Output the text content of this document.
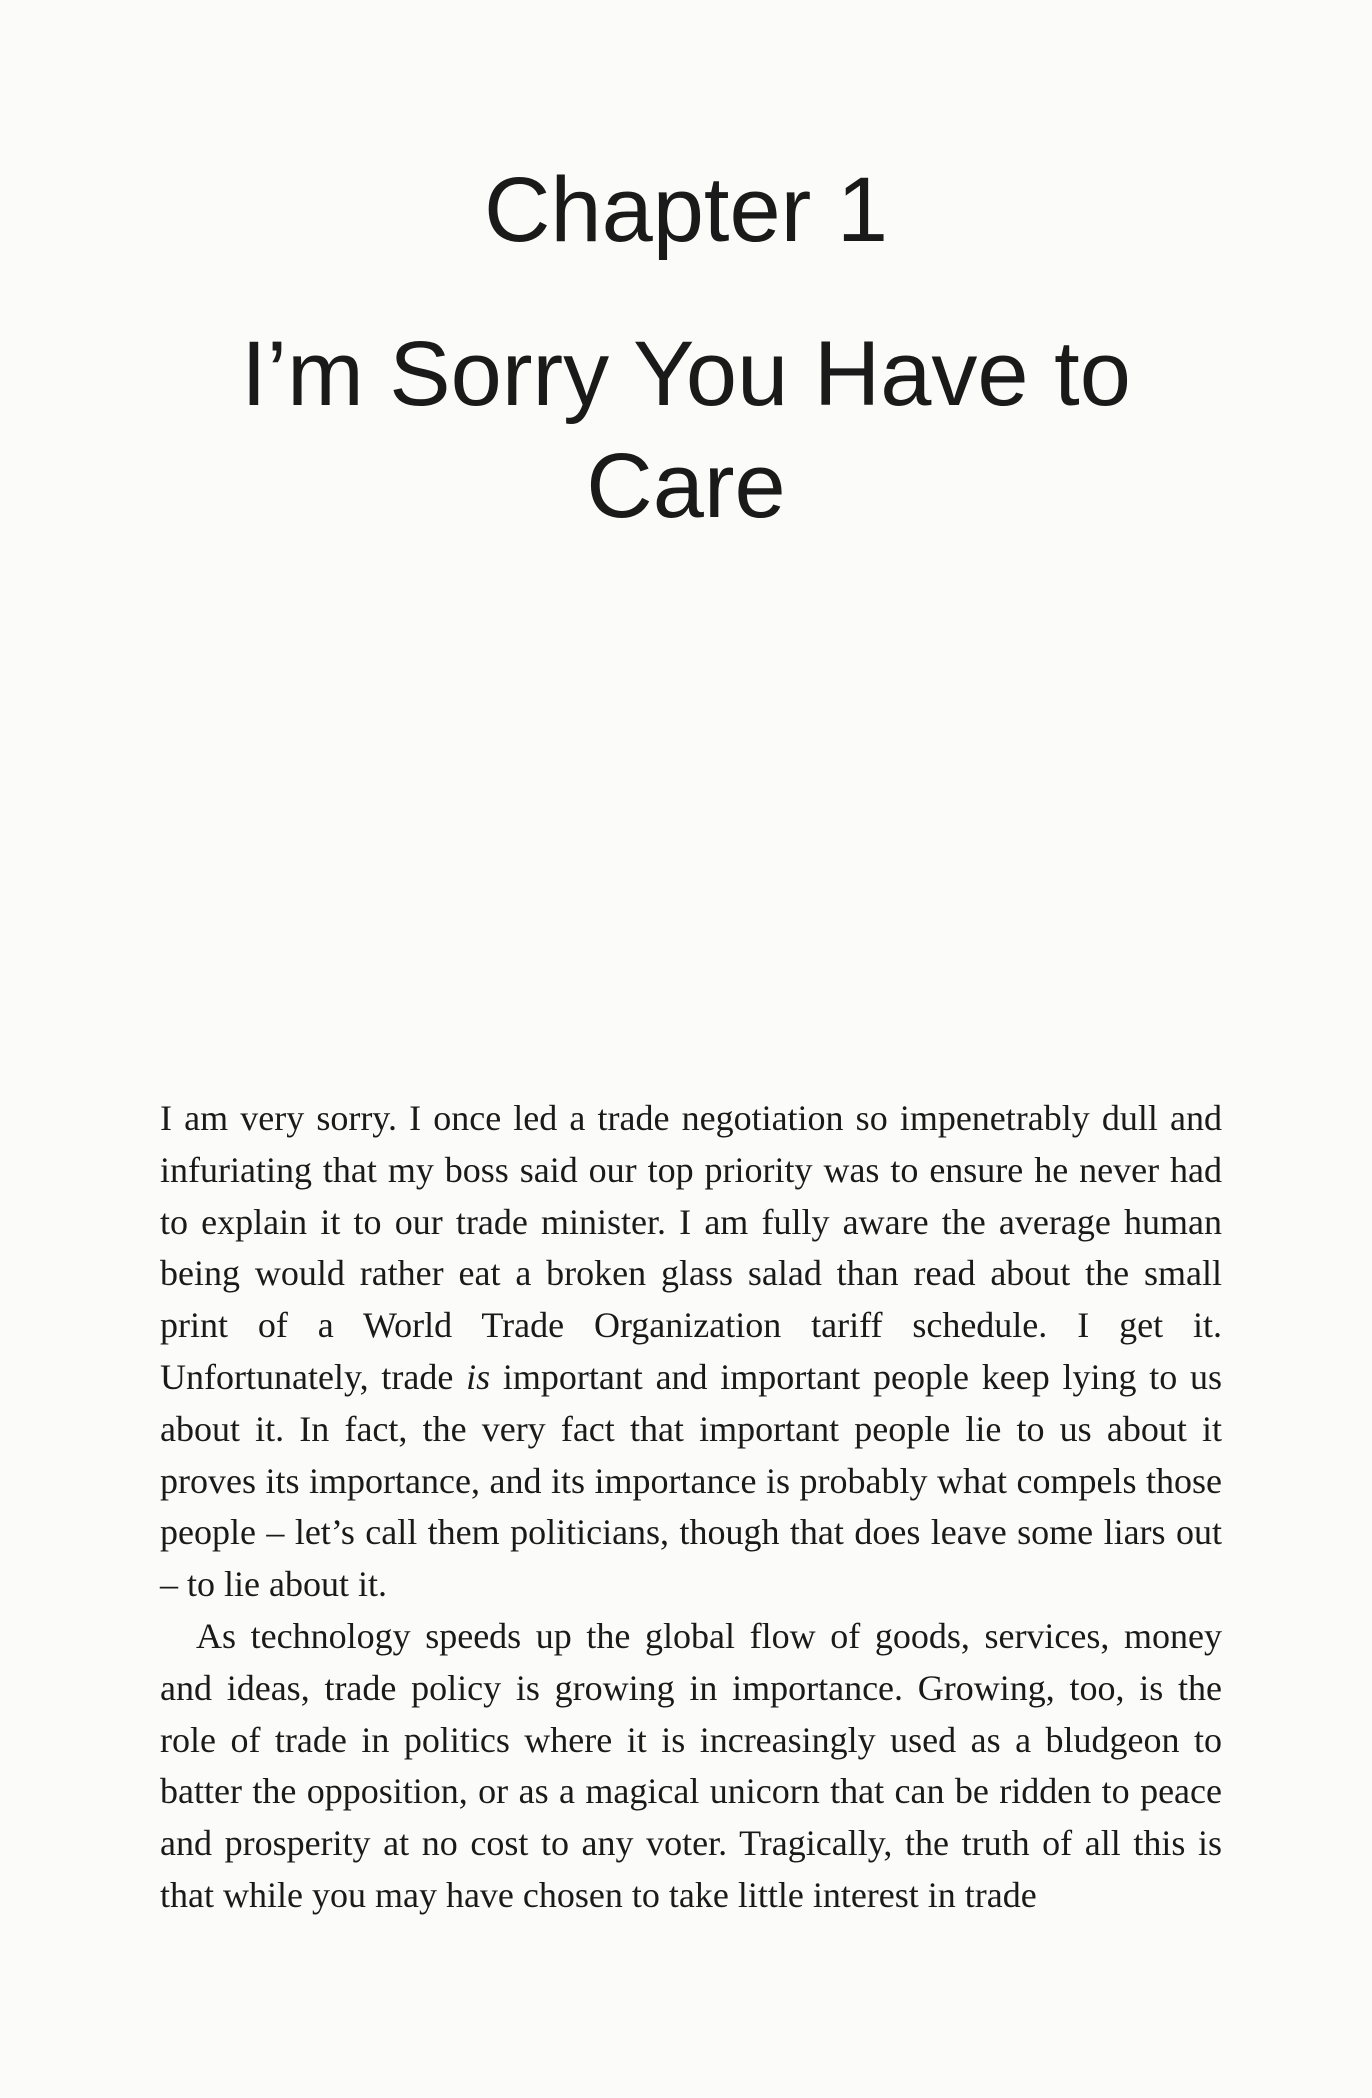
Chapter 1
I’m Sorry You Have to Care

I am very sorry. I once led a trade negotiation so impenetrably dull and infuriating that my boss said our top priority was to ensure he never had to explain it to our trade minister. I am fully aware the average human being would rather eat a broken glass salad than read about the small print of a World Trade Organization tariff schedule. I get it. Unfortunately, trade is important and important people keep lying to us about it. In fact, the very fact that important people lie to us about it proves its importance, and its importance is probably what compels those people – let’s call them politicians, though that does leave some liars out – to lie about it.

As technology speeds up the global flow of goods, services, money and ideas, trade policy is growing in importance. Growing, too, is the role of trade in politics where it is increasingly used as a bludgeon to batter the opposition, or as a magical unicorn that can be ridden to peace and prosperity at no cost to any voter. Tragically, the truth of all this is that while you may have chosen to take little interest in trade
